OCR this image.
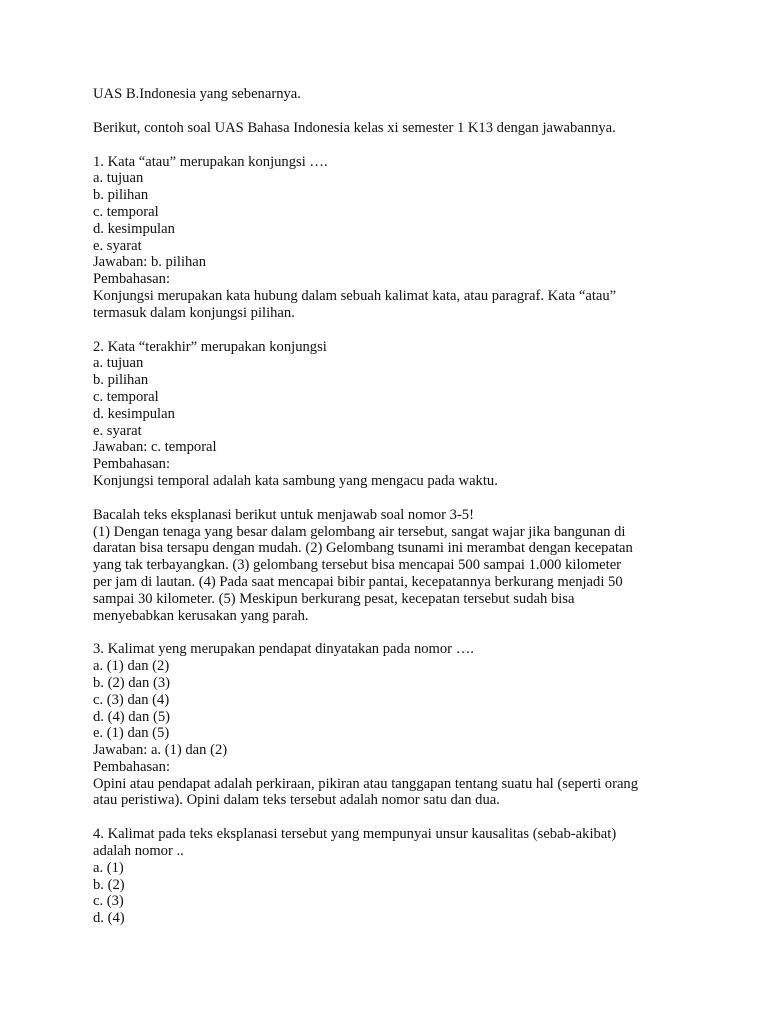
UAS B.Indonesia yang sebenarnya.
Berikut, contoh soal UAS Bahasa Indonesia kelas xi semester 1 K13 dengan jawabannya.
1. Kata “atau” merupakan konjungsi ….
a. tujuan
b. pilihan
c. temporal
d. kesimpulan
e. syarat
Jawaban: b. pilihan
Pembahasan:
Konjungsi merupakan kata hubung dalam sebuah kalimat kata, atau paragraf. Kata “atau”
termasuk dalam konjungsi pilihan.
2. Kata “terakhir” merupakan konjungsi
a. tujuan
b. pilihan
c. temporal
d. kesimpulan
e. syarat
Jawaban: c. temporal
Pembahasan:
Konjungsi temporal adalah kata sambung yang mengacu pada waktu.
Bacalah teks eksplanasi berikut untuk menjawab soal nomor 3-5!
(1) Dengan tenaga yang besar dalam gelombang air tersebut, sangat wajar jika bangunan di
daratan bisa tersapu dengan mudah. (2) Gelombang tsunami ini merambat dengan kecepatan
yang tak terbayangkan. (3) gelombang tersebut bisa mencapai 500 sampai 1.000 kilometer
per jam di lautan. (4) Pada saat mencapai bibir pantai, kecepatannya berkurang menjadi 50
sampai 30 kilometer. (5) Meskipun berkurang pesat, kecepatan tersebut sudah bisa
menyebabkan kerusakan yang parah.
3. Kalimat yeng merupakan pendapat dinyatakan pada nomor ….
a. (1) dan (2)
b. (2) dan (3)
c. (3) dan (4)
d. (4) dan (5)
e. (1) dan (5)
Jawaban: a. (1) dan (2)
Pembahasan:
Opini atau pendapat adalah perkiraan, pikiran atau tanggapan tentang suatu hal (seperti orang
atau peristiwa). Opini dalam teks tersebut adalah nomor satu dan dua.
4. Kalimat pada teks eksplanasi tersebut yang mempunyai unsur kausalitas (sebab-akibat)
adalah nomor ..
a. (1)
b. (2)
c. (3)
d. (4)
